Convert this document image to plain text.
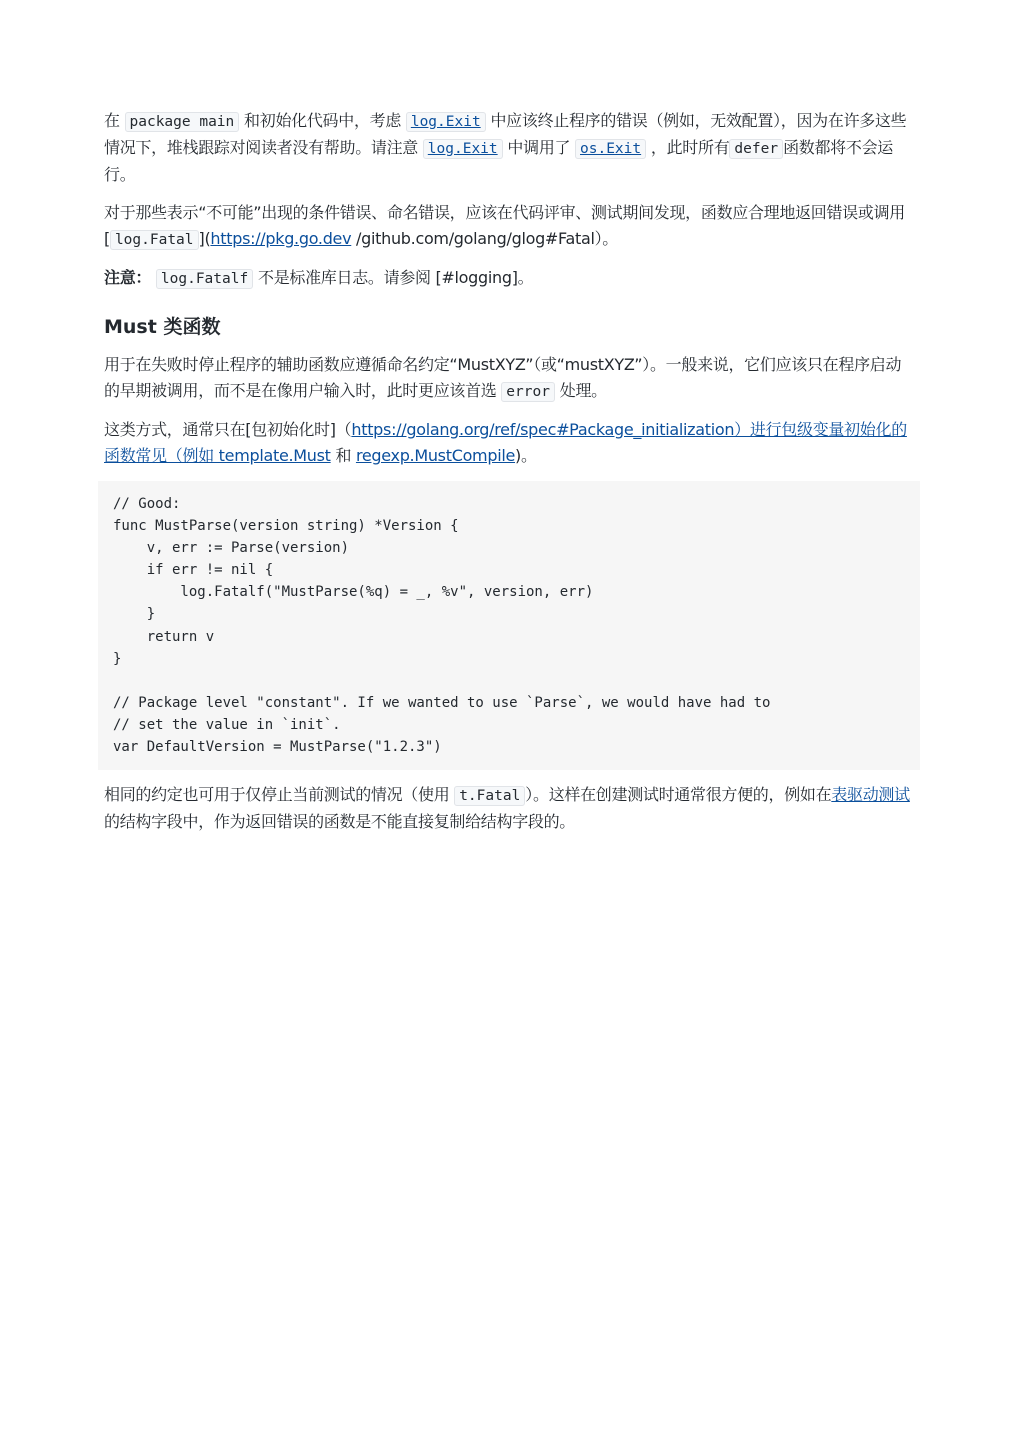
在 package main 和初始化代码中，考虑 log.Exit 中应该终止程序的错误（例如，无效配置），因为在许多这些情况下，堆栈跟踪对阅读者没有帮助。请注意 log.Exit 中调用了 os.Exit ，此时所有 defer 函数都将不会运行。

对于那些表示“不可能”出现的条件错误、命名错误，应该在代码评审、测试期间发现，函数应合理地返回错误或调用 [ log.Fatal ](https://pkg.go.dev /github.com/golang/glog#Fatal）。

注意： log.Fatalf 不是标准库日志。请参阅 [#logging]。

Must 类函数

用于在失败时停止程序的辅助函数应遵循命名约定“MustXYZ”（或“mustXYZ”）。一般来说，它们应该只在程序启动的早期被调用，而不是在像用户输入时，此时更应该首选 error 处理。

这类方式，通常只在[包初始化时]（https://golang.org/ref/spec#Package_initialization）进行包级变量初始化的函数常见（例如 template.Must 和 regexp.MustCompile)。

// Good:
func MustParse(version string) *Version {
v, err := Parse(version)
if err != nil {
log.Fatalf("MustParse(%q) = _, %v", version, err)
}
return v
}

// Package level "constant". If we wanted to use `Parse`, we would have had to
// set the value in `init`.
var DefaultVersion = MustParse("1.2.3")

相同的约定也可用于仅停止当前测试的情况（使用 t.Fatal ）。这样在创建测试时通常很方便的，例如在表驱动测试 的结构字段中，作为返回错误的函数是不能直接复制给结构字段的。
